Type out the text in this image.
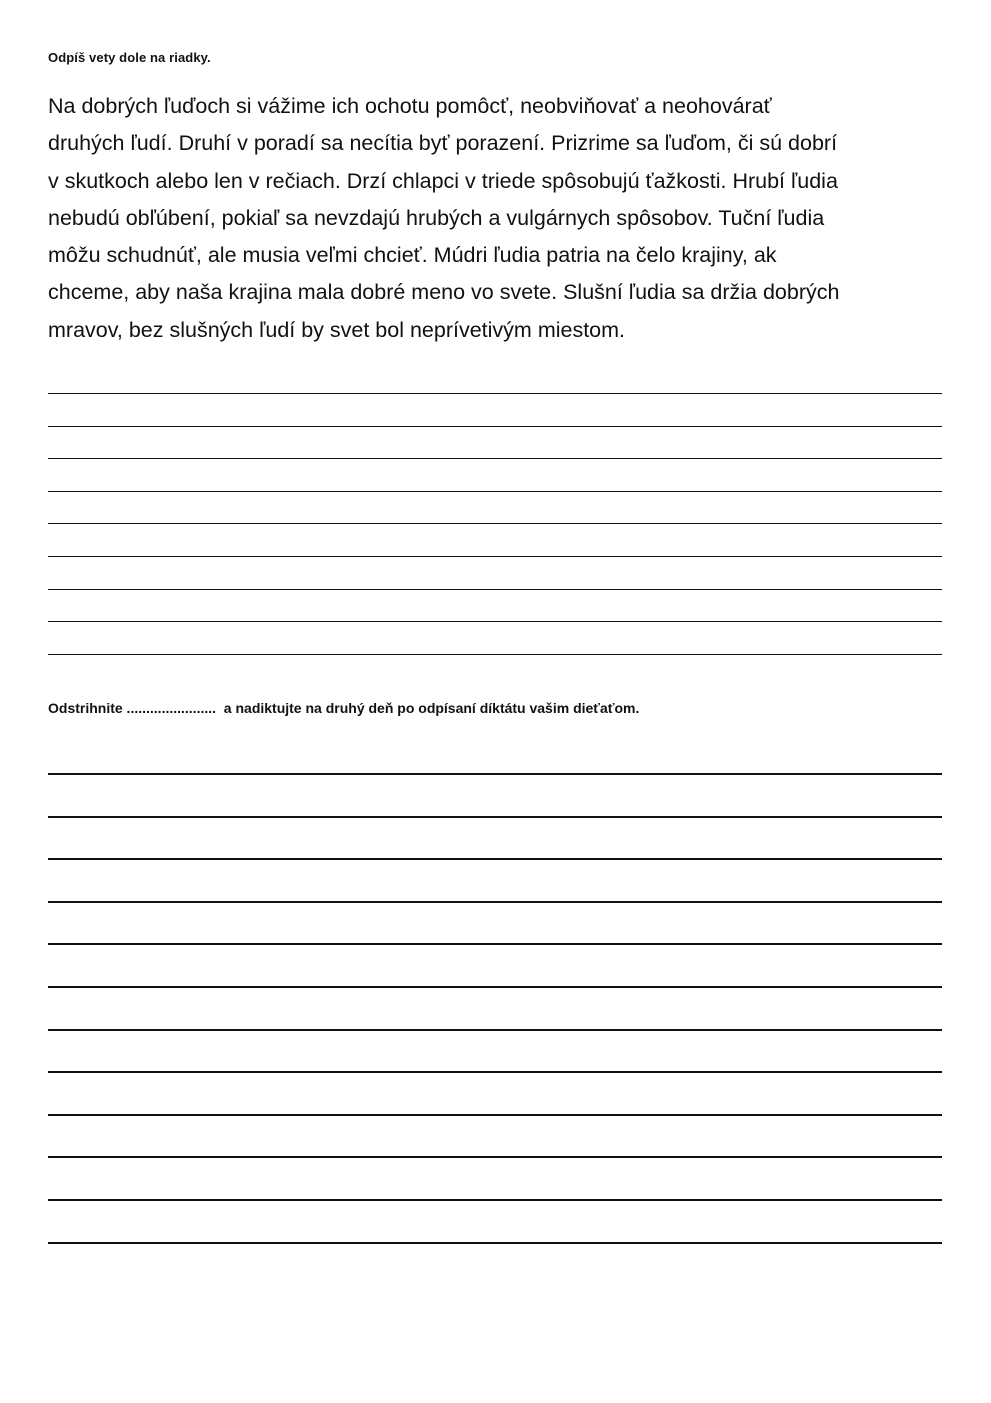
Odpíš vety dole na riadky.

Na dobrých ľuďoch si vážime ich ochotu pomôcť, neobviňovať a neohovárať
druhých ľudí. Druhí v poradí sa necítia byť porazení. Prizrime sa ľuďom, či sú dobrí
v skutkoch alebo len v rečiach. Drzí chlapci v triede spôsobujú ťažkosti. Hrubí ľudia
nebudú obľúbení, pokiaľ sa nevzdajú hrubých a vulgárnych spôsobov. Tuční ľudia
môžu schudnúť, ale musia veľmi chcieť. Múdri ľudia patria na čelo krajiny, ak
chceme, aby naša krajina mala dobré meno vo svete. Slušní ľudia sa držia dobrých
mravov, bez slušných ľudí by svet bol neprívetivým miestom.

Odstrihnite .......................  a nadiktujte na druhý deň po odpísaní díktátu vašim dieťaťom.
